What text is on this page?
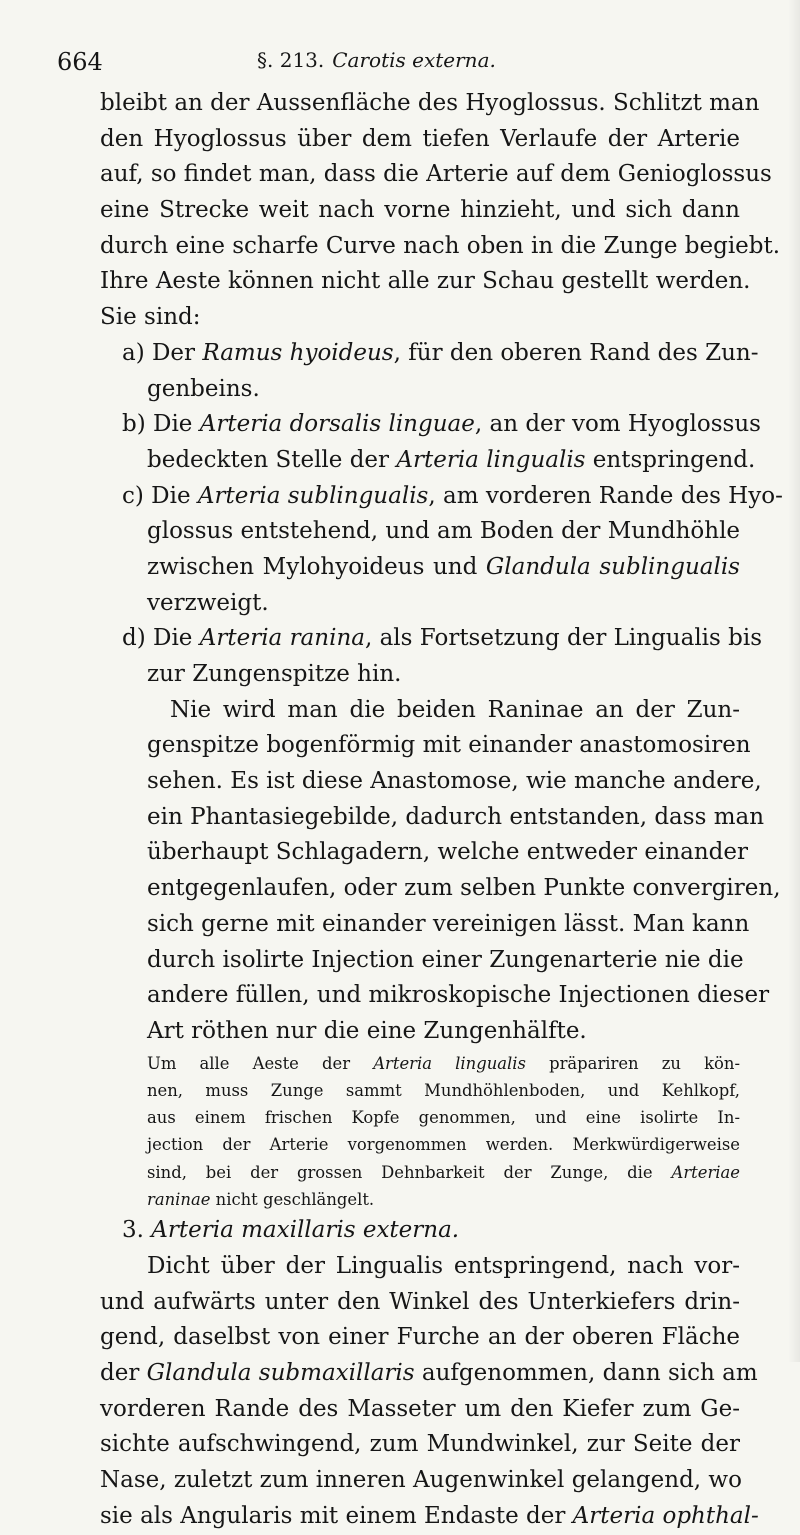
664	§. 213. Carotis externa.
bleibt an der Aussenfläche des Hyoglossus. Schlitzt man
den Hyoglossus über dem tiefen Verlaufe der Arterie
auf, so findet man, dass die Arterie auf dem Genioglossus
eine Strecke weit nach vorne hinzieht, und sich dann
durch eine scharfe Curve nach oben in die Zunge begiebt.
Ihre Aeste können nicht alle zur Schau gestellt werden.
Sie sind:
a) Der Ramus hyoideus, für den oberen Rand des Zun-
genbeins.
b) Die Arteria dorsalis linguae, an der vom Hyoglossus
bedeckten Stelle der Arteria lingualis entspringend.
c) Die Arteria sublingualis, am vorderen Rande des Hyo-
glossus entstehend, und am Boden der Mundhöhle
zwischen Mylohyoideus und Glandula sublingualis
verzweigt.
d) Die Arteria ranina, als Fortsetzung der Lingualis bis
zur Zungenspitze hin.
Nie wird man die beiden Raninae an der Zun-
genspitze bogenförmig mit einander anastomosiren
sehen. Es ist diese Anastomose, wie manche andere,
ein Phantasiegebilde, dadurch entstanden, dass man
überhaupt Schlagadern, welche entweder einander
entgegenlaufen, oder zum selben Punkte convergiren,
sich gerne mit einander vereinigen lässt. Man kann
durch isolirte Injection einer Zungenarterie nie die
andere füllen, und mikroskopische Injectionen dieser
Art röthen nur die eine Zungenhälfte.
Um alle Aeste der Arteria lingualis präpariren zu kön-
nen, muss Zunge sammt Mundhöhlenboden, und Kehlkopf,
aus einem frischen Kopfe genommen, und eine isolirte In-
jection der Arterie vorgenommen werden. Merkwürdigerweise
sind, bei der grossen Dehnbarkeit der Zunge, die Arteriae
raninae nicht geschlängelt.
3. Arteria maxillaris externa.
Dicht über der Lingualis entspringend, nach vor-
und aufwärts unter den Winkel des Unterkiefers drin-
gend, daselbst von einer Furche an der oberen Fläche
der Glandula submaxillaris aufgenommen, dann sich am
vorderen Rande des Masseter um den Kiefer zum Ge-
sichte aufschwingend, zum Mundwinkel, zur Seite der
Nase, zuletzt zum inneren Augenwinkel gelangend, wo
sie als Angularis mit einem Endaste der Arteria ophthal-
